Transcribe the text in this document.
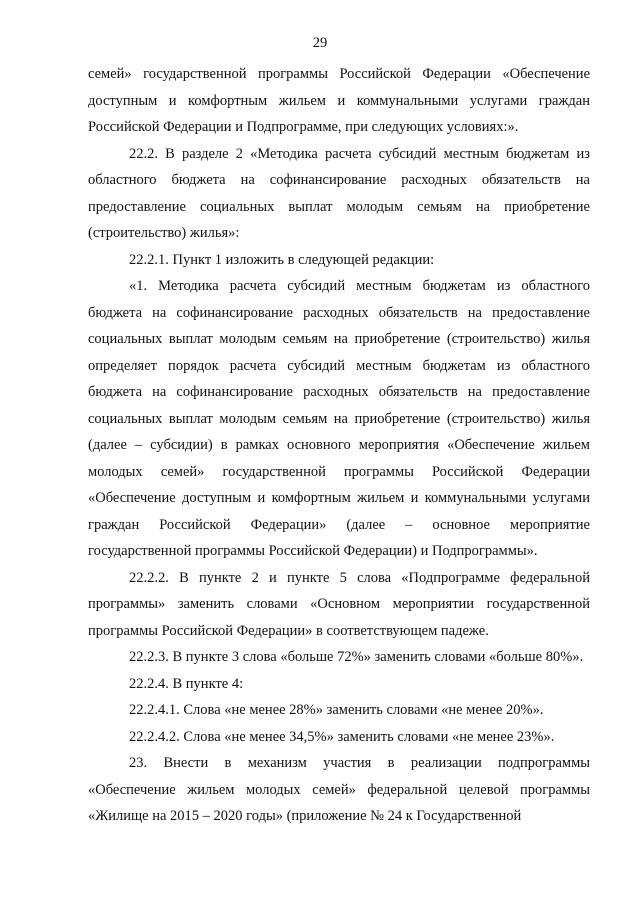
29

семей» государственной программы Российской Федерации «Обеспечение доступным и комфортным жильем и коммунальными услугами граждан Российской Федерации и Подпрограмме, при следующих условиях:».

22.2. В разделе 2 «Методика расчета субсидий местным бюджетам из областного бюджета на софинансирование расходных обязательств на предоставление социальных выплат молодым семьям на приобретение (строительство) жилья»:

22.2.1. Пункт 1 изложить в следующей редакции:

«1. Методика расчета субсидий местным бюджетам из областного бюджета на софинансирование расходных обязательств на предоставление социальных выплат молодым семьям на приобретение (строительство) жилья определяет порядок расчета субсидий местным бюджетам из областного бюджета на софинансирование расходных обязательств на предоставление социальных выплат молодым семьям на приобретение (строительство) жилья (далее – субсидии) в рамках основного мероприятия «Обеспечение жильем молодых семей» государственной программы Российской Федерации «Обеспечение доступным и комфортным жильем и коммунальными услугами граждан Российской Федерации» (далее – основное мероприятие государственной программы Российской Федерации) и Подпрограммы».

22.2.2. В пункте 2 и пункте 5 слова «Подпрограмме федеральной программы» заменить словами «Основном мероприятии государственной программы Российской Федерации» в соответствующем падеже.

22.2.3. В пункте 3 слова «больше 72%» заменить словами «больше 80%».

22.2.4. В пункте 4:

22.2.4.1. Слова «не менее 28%» заменить словами «не менее 20%».

22.2.4.2. Слова «не менее 34,5%» заменить словами «не менее 23%».

23. Внести в механизм участия в реализации подпрограммы «Обеспечение жильем молодых семей» федеральной целевой программы «Жилище на 2015 – 2020 годы» (приложение № 24 к Государственной
